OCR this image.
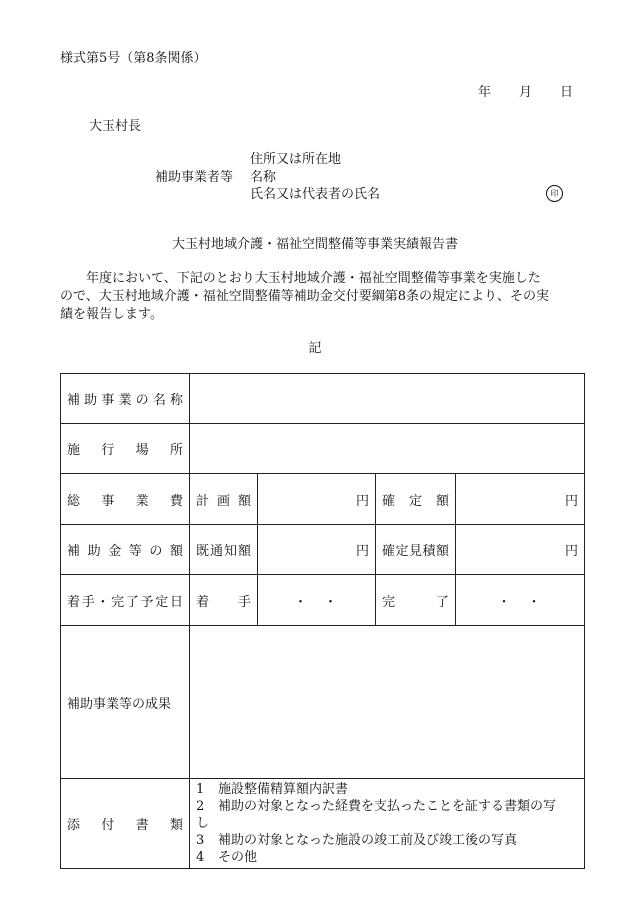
様式第5号（第8条関係）
年 月 日
大玉村長
住所又は所在地
補助事業者等 名称
氏名又は代表者の氏名	印
大玉村地域介護・福祉空間整備等事業実績報告書
　　年度において、下記のとおり大玉村地域介護・福祉空間整備等事業を実施した
ので、大玉村地域介護・福祉空間整備等補助金交付要綱第8条の規定により、その実
績を報告します。
記
補助事業の名称				
施行場所				
総事業費	計画額	円	確定額	円
補助金等の額	既通知額	円	確定見積額	円
着手・完了予定日	着手	・　・	完了	・　・
補助事業等の成果				
添付書類	1 施設整備精算額内訳書
2 補助の対象となった経費を支払ったことを証する書類の写
し
3 補助の対象となった施設の竣工前及び竣工後の写真
4 その他			
